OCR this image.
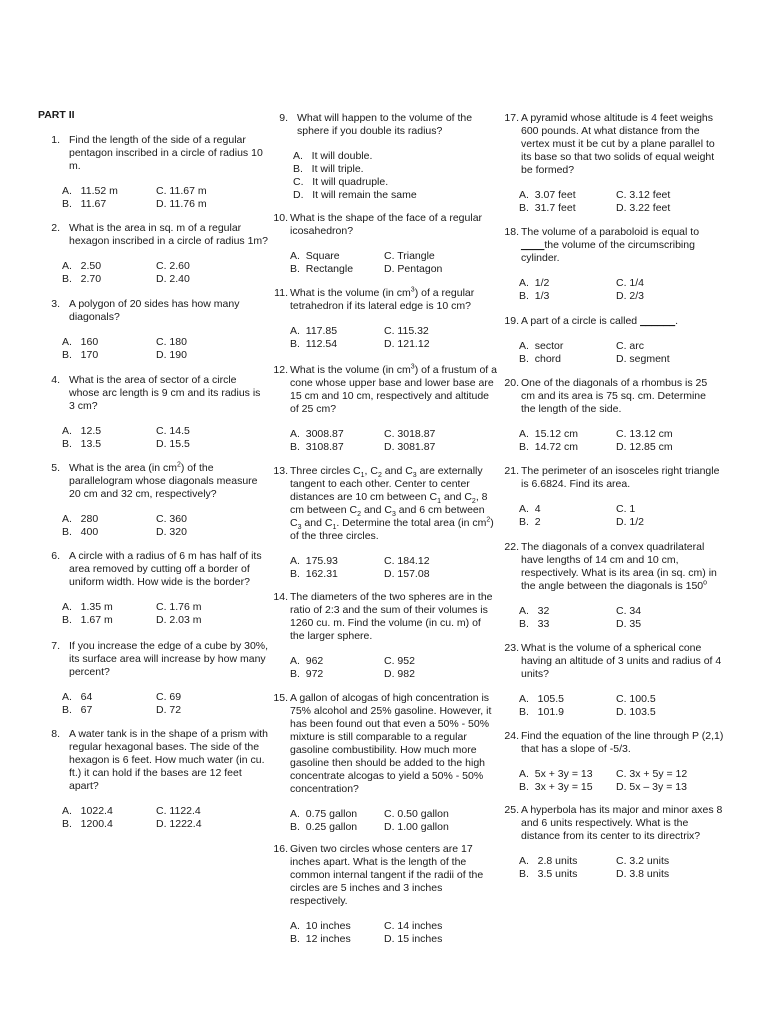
PART II
1. Find the length of the side of a regular pentagon inscribed in a circle of radius 10 m.
A.   11.52 m	C. 11.67 m
B.   11.67	D. 11.76 m
2. What is the area in sq. m of a regular hexagon inscribed in a circle of radius 1m?
A.   2.50	C. 2.60
B.   2.70	D. 2.40
3. A polygon of 20 sides has how many diagonals?
A.   160	C. 180
B.   170	D. 190
4. What is the area of sector of a circle whose arc length is 9 cm and its radius is 3 cm?
A.   12.5	C. 14.5
B.   13.5	D. 15.5
5. What is the area (in $cm^2$) of the parallelogram whose diagonals measure 20 cm and 32 cm, respectively?
A.   280	C. 360
B.   400	D. 320
6. A circle with a radius of 6 m has half of its area removed by cutting off a border of uniform width. How wide is the border?
A.   1.35 m	C. 1.76 m
B.   1.67 m	D. 2.03 m
7. If you increase the edge of a cube by 30%, its surface area will increase by how many percent?
A.   64	C. 69
B.   67	D. 72
8. A water tank is in the shape of a prism with regular hexagonal bases. The side of the hexagon is 6 feet. How much water (in cu. ft.) it can hold if the bases are 12 feet apart?
A.   1022.4	C. 1122.4
B.   1200.4	D. 1222.4
9. What will happen to the volume of the sphere if you double its radius?
A.   It will double.
B.   It will triple.
C.   It will quadruple.
D.   It will remain the same
10. What is the shape of the face of a regular icosahedron?
A.  Square	C. Triangle
B.  Rectangle	D. Pentagon
11. What is the volume (in $cm^3$) of a regular tetrahedron if its lateral edge is 10 cm?
A.  117.85	C. 115.32
B.  112.54	D. 121.12
12. What is the volume (in $cm^3$) of a frustum of a cone whose upper base and lower base are 15 cm and 10 cm, respectively and altitude of 25 cm?
A.  3008.87	C. 3018.87
B.  3108.87	D. 3081.87
13. Three circles $C_1$, $C_2$ and $C_3$ are externally tangent to each other. Center to center distances are 10 cm between $C_1$ and $C_2$, 8 cm between $C_2$ and $C_3$ and 6 cm between $C_3$ and $C_1$. Determine the total area (in $cm^2$) of the three circles.
A.  175.93	C. 184.12
B.  162.31	D. 157.08
14. The diameters of the two spheres are in the ratio of 2:3 and the sum of their volumes is 1260 cu. m. Find the volume (in cu. m) of the larger sphere.
A.  962	C. 952
B.  972	D. 982
15. A gallon of alcogas of high concentration is 75% alcohol and 25% gasoline. However, it has been found out that even a 50% - 50% mixture is still comparable to a regular gasoline combustibility. How much more gasoline then should be added to the high concentrate alcogas to yield a 50% - 50% concentration?
A.  0.75 gallon	C. 0.50 gallon
B.  0.25 gallon	D. 1.00 gallon
16. Given two circles whose centers are 17 inches apart. What is the length of the common internal tangent if the radii of the circles are 5 inches and 3 inches respectively.
A.  10 inches	C. 14 inches
B.  12 inches	D. 15 inches
17. A pyramid whose altitude is 4 feet weighs 600 pounds. At what distance from the vertex must it be cut by a plane parallel to its base so that two solids of equal weight be formed?
A.  3.07 feet	C. 3.12 feet
B.  31.7 feet	D. 3.22 feet
18. The volume of a paraboloid is equal to ____the volume of the circumscribing cylinder.
A.  1/2	C. 1/4
B.  1/3	D. 2/3
19. A part of a circle is called ______.
A.  sector	C. arc
B.  chord	D. segment
20. One of the diagonals of a rhombus is 25 cm and its area is 75 sq. cm. Determine the length of the side.
A.  15.12 cm	C. 13.12 cm
B.  14.72 cm	D. 12.85 cm
21. The perimeter of an isosceles right triangle is 6.6824. Find its area.
A.  4	C. 1
B.  2	D. 1/2
22. The diagonals of a convex quadrilateral have lengths of 14 cm and 10 cm, respectively. What is its area (in sq. cm) in the angle between the diagonals is 150$^o$
A.   32	C. 34
B.   33	D. 35
23. What is the volume of a spherical cone having an altitude of 3 units and radius of 4 units?
A.   105.5	C. 100.5
B.   101.9	D. 103.5
24. Find the equation of the line through P (2,1) that has a slope of -5/3.
A.  5x + 3y = 13	C. 3x + 5y = 12
B.  3x + 3y = 15	D. 5x – 3y = 13
25. A hyperbola has its major and minor axes 8 and 6 units respectively. What is the distance from its center to its directrix?
A.   2.8 units	C. 3.2 units
B.   3.5 units	D. 3.8 units
